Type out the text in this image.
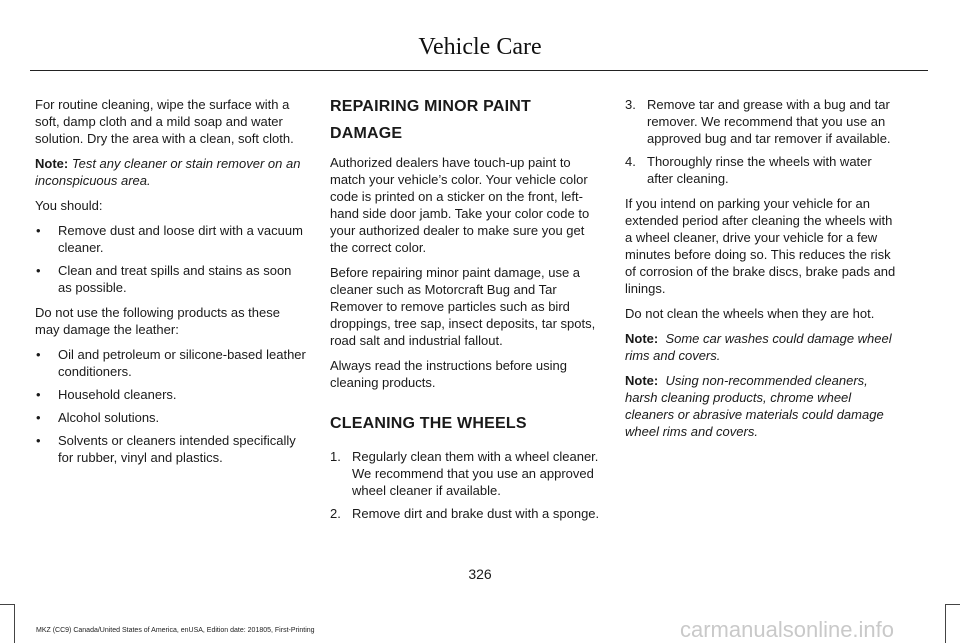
Vehicle Care

For routine cleaning, wipe the surface with a soft, damp cloth and a mild soap and water solution. Dry the area with a clean, soft cloth.

Note: Test any cleaner or stain remover on an inconspicuous area.

You should:

• Remove dust and loose dirt with a vacuum cleaner.
• Clean and treat spills and stains as soon as possible.

Do not use the following products as these may damage the leather:

• Oil and petroleum or silicone-based leather conditioners.
• Household cleaners.
• Alcohol solutions.
• Solvents or cleaners intended specifically for rubber, vinyl and plastics.
REPAIRING MINOR PAINT
DAMAGE

Authorized dealers have touch-up paint to match your vehicle’s color. Your vehicle color code is printed on a sticker on the front, left-hand side door jamb. Take your color code to your authorized dealer to make sure you get the correct color.

Before repairing minor paint damage, use a cleaner such as Motorcraft Bug and Tar Remover to remove particles such as bird droppings, tree sap, insect deposits, tar spots, road salt and industrial fallout.

Always read the instructions before using cleaning products.

CLEANING THE WHEELS
1. Regularly clean them with a wheel cleaner. We recommend that you use an approved wheel cleaner if available.
2. Remove dirt and brake dust with a sponge.
3. Remove tar and grease with a bug and tar remover. We recommend that you use an approved bug and tar remover if available.
4. Thoroughly rinse the wheels with water after cleaning.

If you intend on parking your vehicle for an extended period after cleaning the wheels with a wheel cleaner, drive your vehicle for a few minutes before doing so. This reduces the risk of corrosion of the brake discs, brake pads and linings.

Do not clean the wheels when they are hot.

Note: Some car washes could damage wheel rims and covers.

Note: Using non-recommended cleaners, harsh cleaning products, chrome wheel cleaners or abrasive materials could damage wheel rims and covers.

326
MKZ (CC9) Canada/United States of America, enUSA, Edition date: 201805, First-Printing	carmanualsonline.info
